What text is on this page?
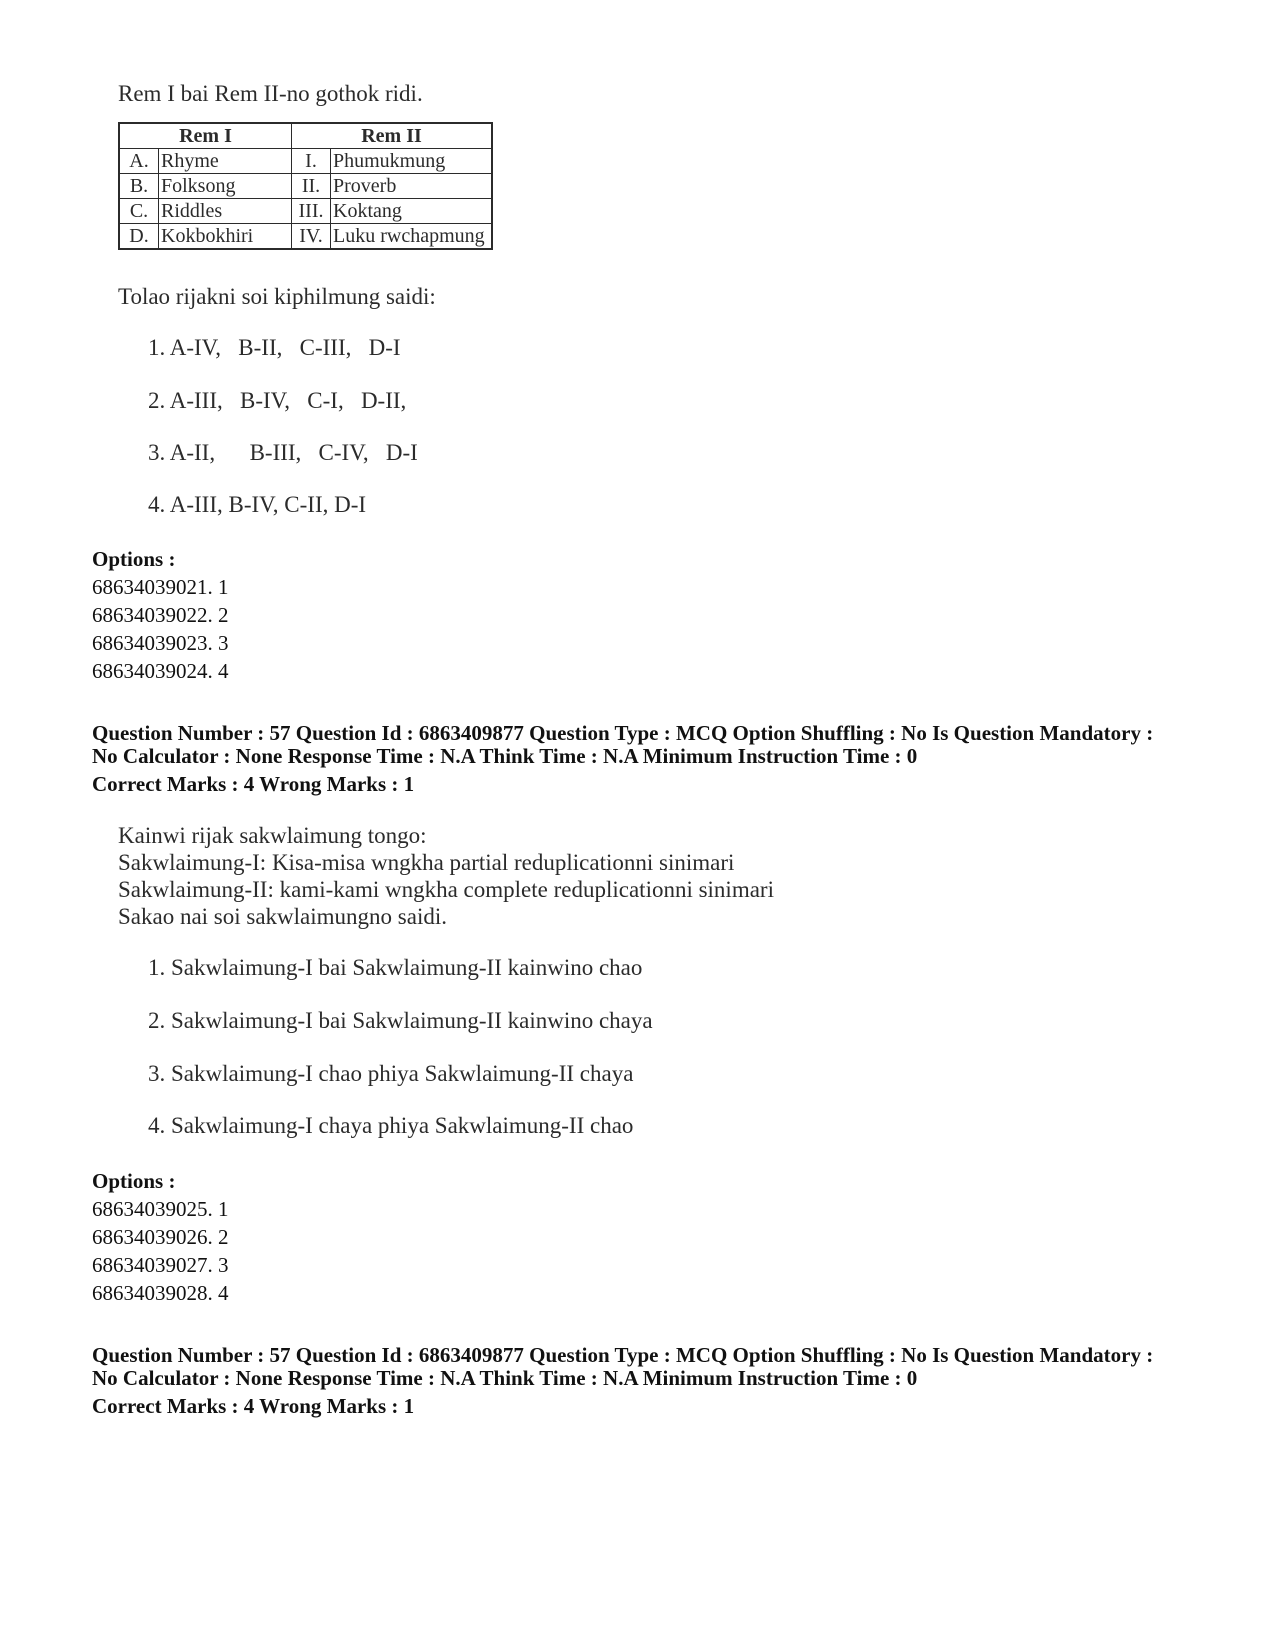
Rem I bai Rem II-no gothok ridi.
Rem I		Rem II	
A.	Rhyme	I.	Phumukmung
B.	Folksong	II.	Proverb
C.	Riddles	III.	Koktang
D.	Kokbokhiri	IV.	Luku rwchapmung
Tolao rijakni soi kiphilmung saidi:
1. A-IV,   B-II,   C-III,   D-I
2. A-III,   B-IV,   C-I,   D-II,
3. A-II,      B-III,   C-IV,   D-I
4. A-III, B-IV, C-II, D-I
Options :
68634039021. 1
68634039022. 2
68634039023. 3
68634039024. 4
Question Number : 57 Question Id : 6863409877 Question Type : MCQ Option Shuffling : No Is Question Mandatory :
No Calculator : None Response Time : N.A Think Time : N.A Minimum Instruction Time : 0
Correct Marks : 4 Wrong Marks : 1
Kainwi rijak sakwlaimung tongo:
Sakwlaimung-I: Kisa-misa wngkha partial reduplicationni sinimari
Sakwlaimung-II: kami-kami wngkha complete reduplicationni sinimari
Sakao nai soi sakwlaimungno saidi.
1. Sakwlaimung-I bai Sakwlaimung-II kainwino chao
2. Sakwlaimung-I bai Sakwlaimung-II kainwino chaya
3. Sakwlaimung-I chao phiya Sakwlaimung-II chaya
4. Sakwlaimung-I chaya phiya Sakwlaimung-II chao
Options :
68634039025. 1
68634039026. 2
68634039027. 3
68634039028. 4
Question Number : 57 Question Id : 6863409877 Question Type : MCQ Option Shuffling : No Is Question Mandatory :
No Calculator : None Response Time : N.A Think Time : N.A Minimum Instruction Time : 0
Correct Marks : 4 Wrong Marks : 1
